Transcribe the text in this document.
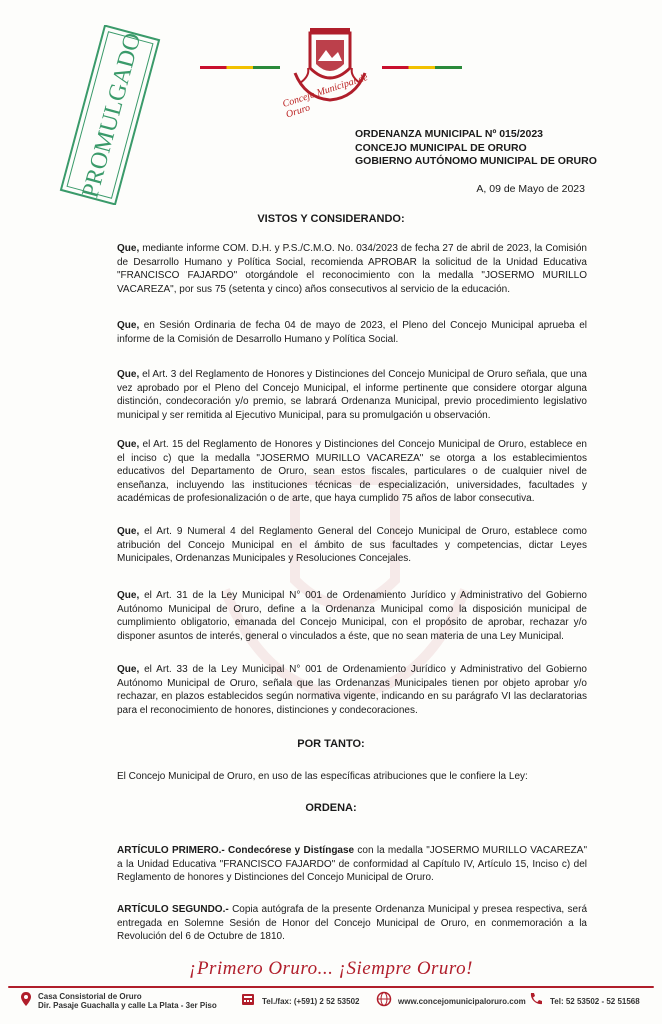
PROMULGADO	Concejo Municipal de Oruro
ORDENANZA MUNICIPAL Nº 015/2023
CONCEJO MUNICIPAL DE ORURO
GOBIERNO AUTÓNOMO MUNICIPAL DE ORURO
A, 09 de Mayo de 2023
VISTOS Y CONSIDERANDO:
Que, mediante informe COM. D.H. y P.S./C.M.O. No. 034/2023 de fecha 27 de abril de 2023, la Comisión de Desarrollo Humano y Política Social, recomienda APROBAR la solicitud de la Unidad Educativa "FRANCISCO FAJARDO" otorgándole el reconocimiento con la medalla "JOSERMO MURILLO VACAREZA", por sus 75 (setenta y cinco) años consecutivos al servicio de la educación.
Que, en Sesión Ordinaria de fecha 04 de mayo de 2023, el Pleno del Concejo Municipal aprueba el informe de la Comisión de Desarrollo Humano y Política Social.
Que, el Art. 3 del Reglamento de Honores y Distinciones del Concejo Municipal de Oruro señala, que una vez aprobado por el Pleno del Concejo Municipal, el informe pertinente que considere otorgar alguna distinción, condecoración y/o premio, se labrará Ordenanza Municipal, previo procedimiento legislativo municipal y ser remitida al Ejecutivo Municipal, para su promulgación u observación.
Que, el Art. 15 del Reglamento de Honores y Distinciones del Concejo Municipal de Oruro, establece en el inciso c) que la medalla "JOSERMO MURILLO VACAREZA" se otorga a los establecimientos educativos del Departamento de Oruro, sean estos fiscales, particulares o de cualquier nivel de enseñanza, incluyendo las instituciones técnicas de especialización, universidades, facultades y académicas de profesionalización o de arte, que haya cumplido 75 años de labor consecutiva.
Que, el Art. 9 Numeral 4 del Reglamento General del Concejo Municipal de Oruro, establece como atribución del Concejo Municipal en el ámbito de sus facultades y competencias, dictar Leyes Municipales, Ordenanzas Municipales y Resoluciones Concejales.
Que, el Art. 31 de la Ley Municipal N° 001 de Ordenamiento Jurídico y Administrativo del Gobierno Autónomo Municipal de Oruro, define a la Ordenanza Municipal como la disposición municipal de cumplimiento obligatorio, emanada del Concejo Municipal, con el propósito de aprobar, rechazar y/o disponer asuntos de interés, general o vinculados a éste, que no sean materia de una Ley Municipal.
Que, el Art. 33 de la Ley Municipal N° 001 de Ordenamiento Jurídico y Administrativo del Gobierno Autónomo Municipal de Oruro, señala que las Ordenanzas Municipales tienen por objeto aprobar y/o rechazar, en plazos establecidos según normativa vigente, indicando en su parágrafo VI las declaratorias para el reconocimiento de honores, distinciones y condecoraciones.
POR TANTO:
El Concejo Municipal de Oruro, en uso de las específicas atribuciones que le confiere la Ley:
ORDENA:
ARTÍCULO PRIMERO.- Condecórese y Distíngase con la medalla "JOSERMO MURILLO VACAREZA" a la Unidad Educativa "FRANCISCO FAJARDO" de conformidad al Capítulo IV, Artículo 15, Inciso c) del Reglamento de honores y Distinciones del Concejo Municipal de Oruro.
ARTÍCULO SEGUNDO.- Copia autógrafa de la presente Ordenanza Municipal y presea respectiva, será entregada en Solemne Sesión de Honor del Concejo Municipal de Oruro, en conmemoración a la Revolución del 6 de Octubre de 1810.
¡Primero Oruro... ¡Siempre Oruro!
Casa Consistorial de Oruro
Dir. Pasaje Guachalla y calle La Plata - 3er Piso	Tel./fax: (+591) 2 52 53502	www.concejomunicipaloruro.com	Tel: 52 53502 - 52 51568
